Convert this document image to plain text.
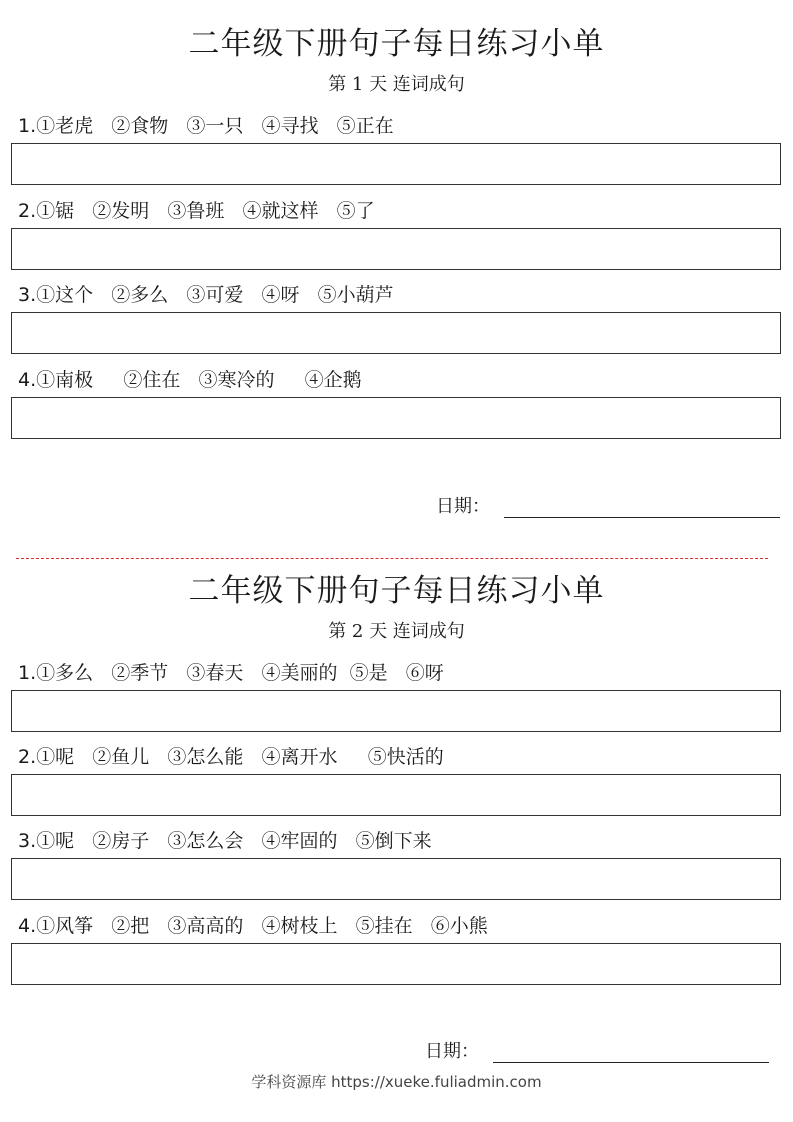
二年级下册句子每日练习小单
第 1 天 连词成句
1.①老虎   ②食物   ③一只   ④寻找   ⑤正在
2.①锯   ②发明   ③鲁班   ④就这样   ⑤了
3.①这个   ②多么   ③可爱   ④呀   ⑤小葫芦
4.①南极     ②住在   ③寒冷的     ④企鹅
日期：
二年级下册句子每日练习小单
第 2 天 连词成句
1.①多么   ②季节   ③春天   ④美丽的  ⑤是   ⑥呀
2.①呢   ②鱼儿   ③怎么能   ④离开水     ⑤快活的
3.①呢   ②房子   ③怎么会   ④牢固的   ⑤倒下来
4.①风筝   ②把   ③高高的   ④树枝上   ⑤挂在   ⑥小熊
日期：
学科资源库 https://xueke.fuliadmin.com
